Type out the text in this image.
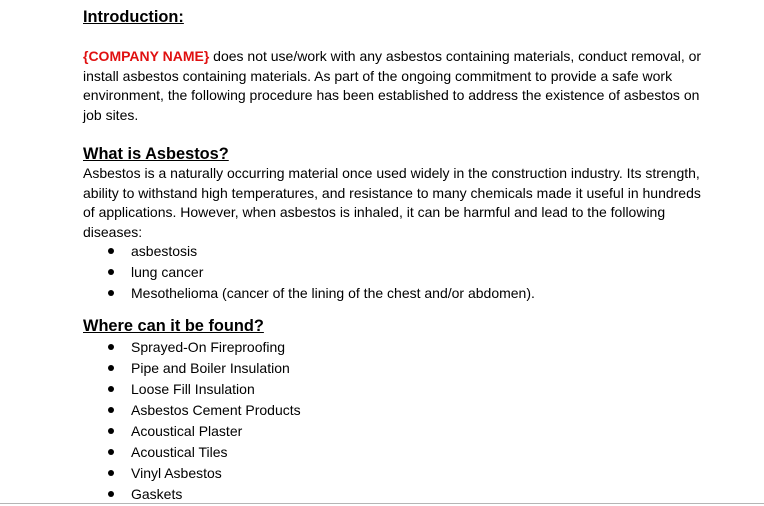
Introduction:

{COMPANY NAME} does not use/work with any asbestos containing materials, conduct removal, or install asbestos containing materials. As part of the ongoing commitment to provide a safe work environment, the following procedure has been established to address the existence of asbestos on job sites.

What is Asbestos?

Asbestos is a naturally occurring material once used widely in the construction industry. Its strength, ability to withstand high temperatures, and resistance to many chemicals made it useful in hundreds of applications. However, when asbestos is inhaled, it can be harmful and lead to the following diseases:

asbestosis
lung cancer
Mesothelioma (cancer of the lining of the chest and/or abdomen).
Where can it be found?
Sprayed-On Fireproofing
Pipe and Boiler Insulation
Loose Fill Insulation
Asbestos Cement Products
Acoustical Plaster
Acoustical Tiles
Vinyl Asbestos
Gaskets
